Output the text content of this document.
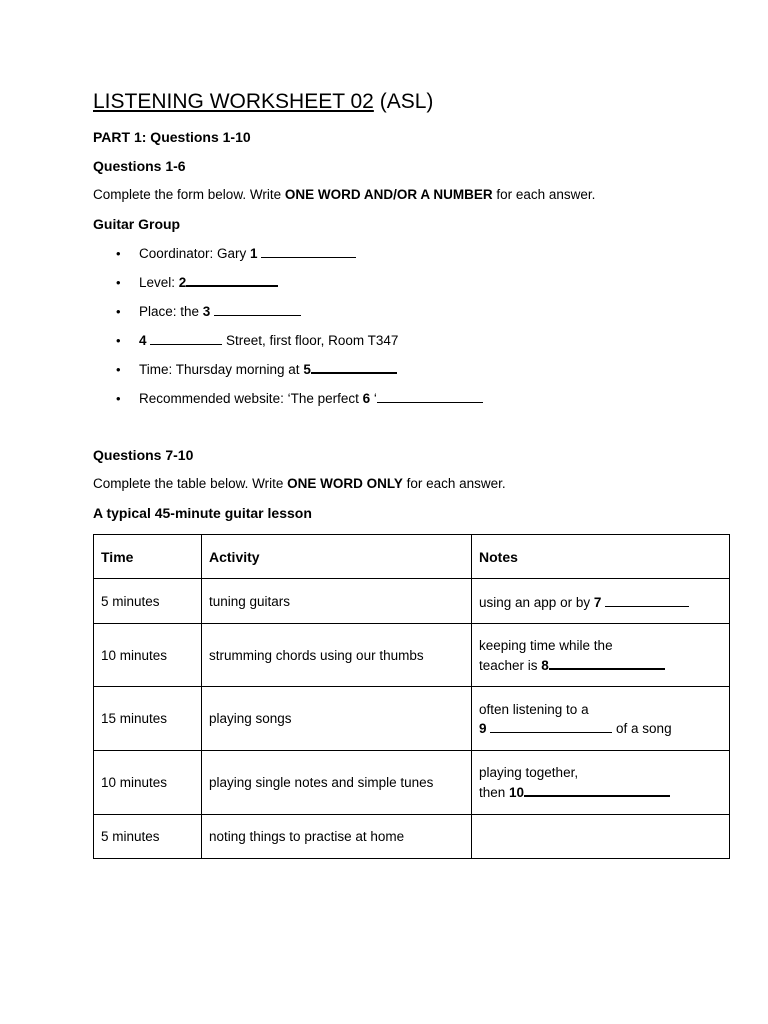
LISTENING WORKSHEET 02 (ASL)

PART 1: Questions 1-10

Questions 1-6

Complete the form below. Write ONE WORD AND/OR A NUMBER for each answer.

Guitar Group

• Coordinator: Gary 1
• Level: 2
• Place: the 3
• 4	Street, first floor, Room T347
• Time: Thursday morning at 5
• Recommended website: ‘The perfect 6 ‘

Questions 7-10

Complete the table below. Write ONE WORD ONLY for each answer.

A typical 45-minute guitar lesson

Time	Activity	Notes
5 minutes	tuning guitars	using an app or by 7
10 minutes	strumming chords using our thumbs	keeping time while the
teacher is 8

15 minutes	playing songs	often listening to a
9 of a song

10 minutes	playing single notes and simple tunes	playing together,
then 10

5 minutes	noting things to practise at home	
